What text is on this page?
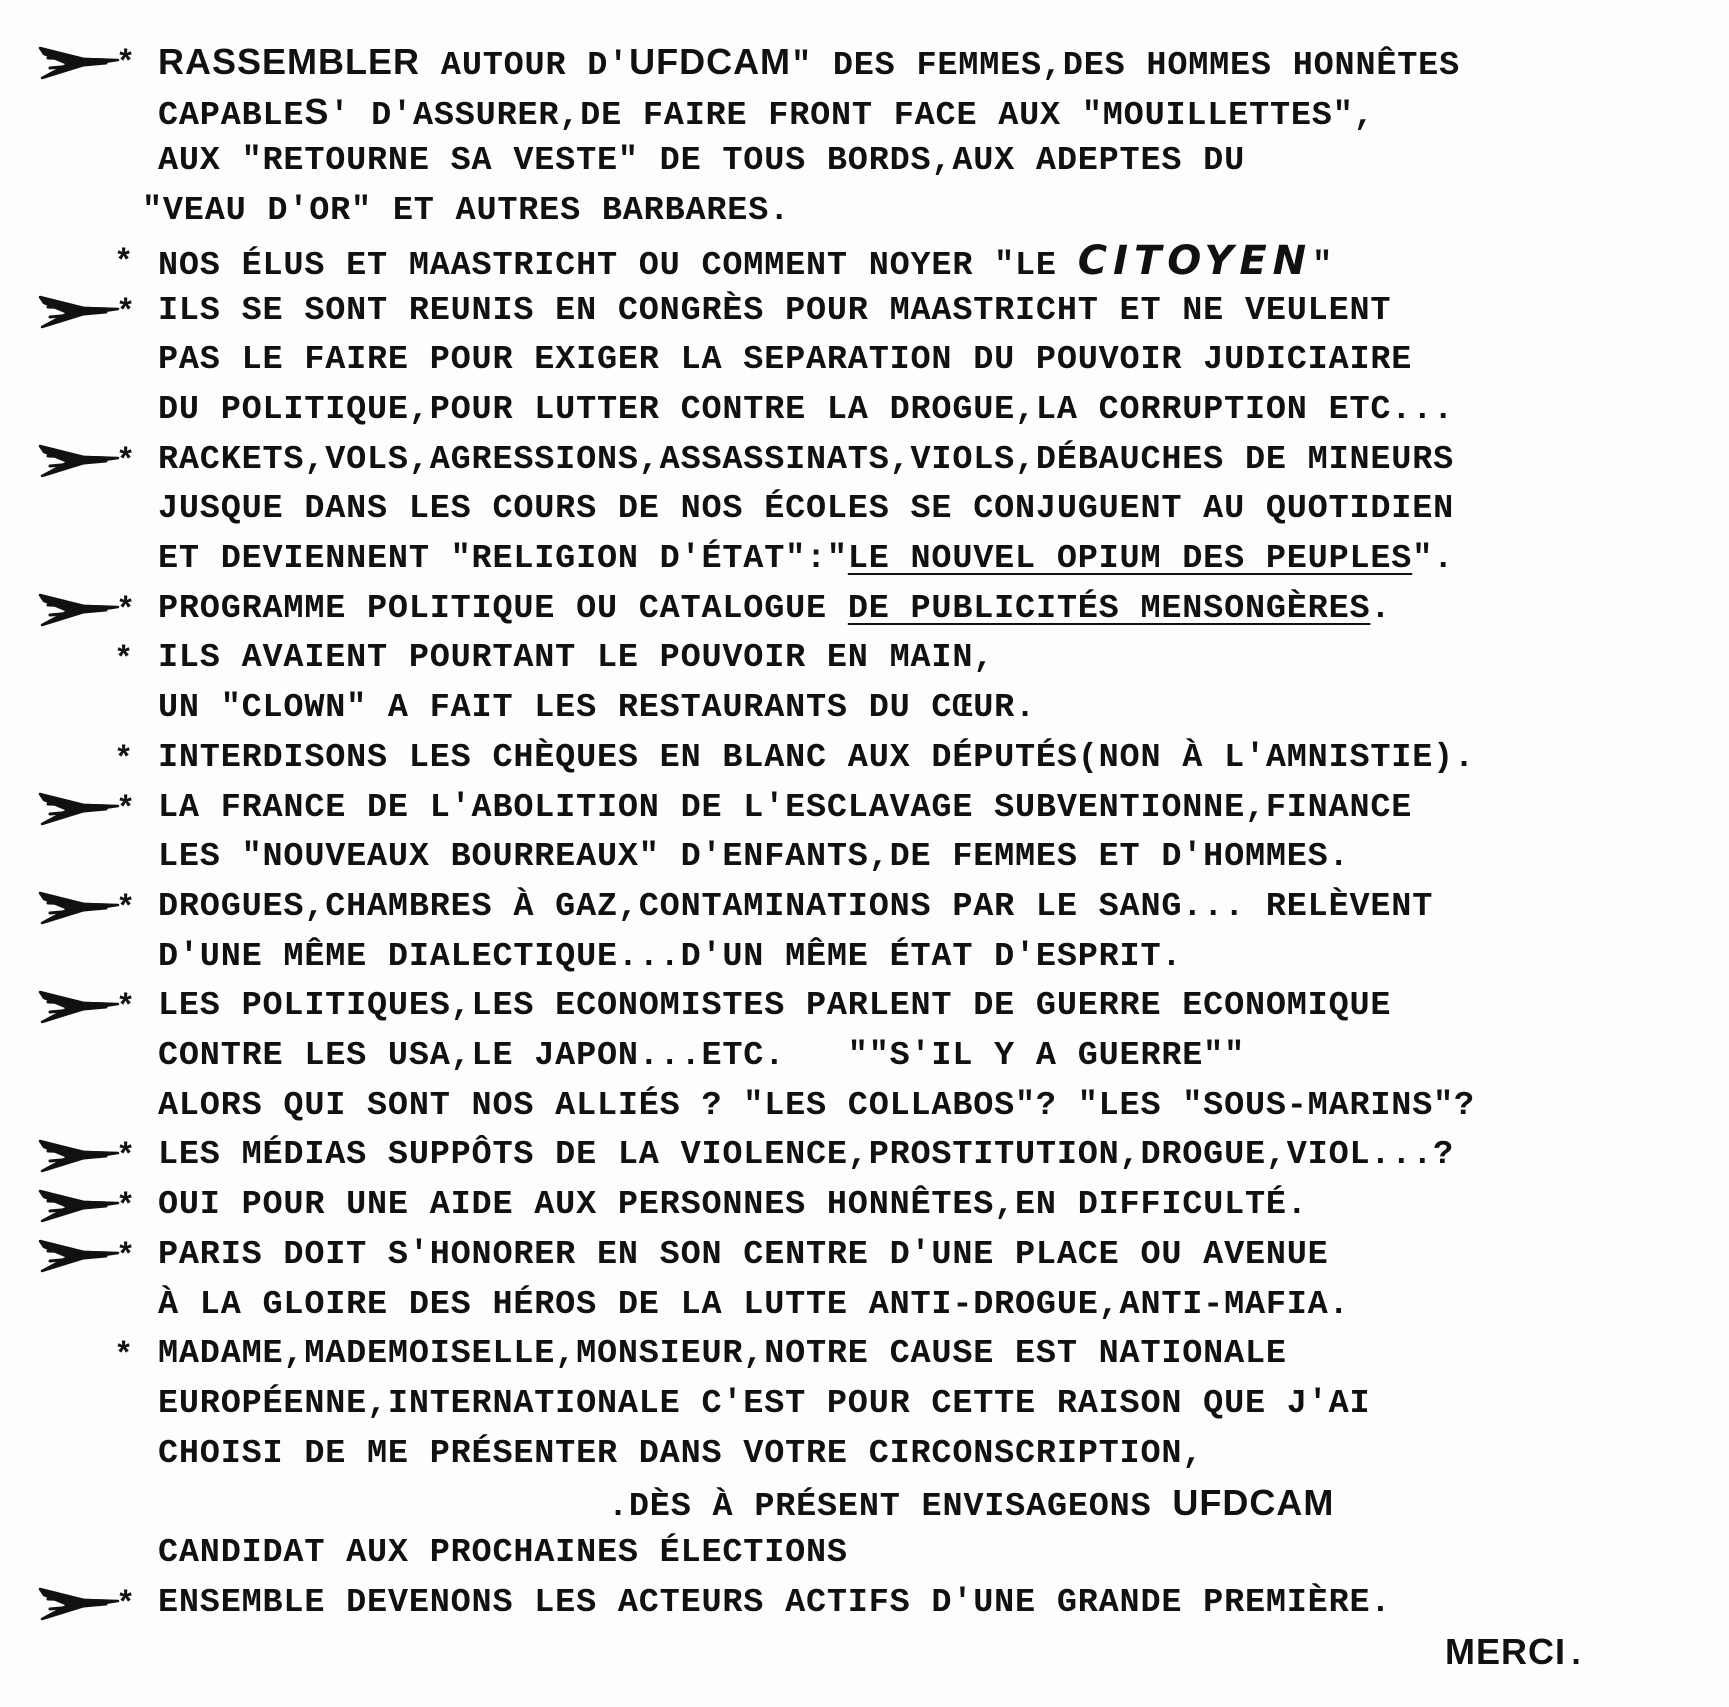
* RASSEMBLER AUTOUR D'UFDCAM" DES FEMMES,DES HOMMES HONNÊTES
CAPABLES' D'ASSURER,DE FAIRE FRONT FACE AUX "MOUILLETTES",
AUX "RETOURNE SA VESTE" DE TOUS BORDS,AUX ADEPTES DU
"VEAU D'OR" ET AUTRES BARBARES.
* NOS ÉLUS ET MAASTRICHT OU COMMENT NOYER "LE CITOYEN"
* ILS SE SONT REUNIS EN CONGRÈS POUR MAASTRICHT ET NE VEULENT
PAS LE FAIRE POUR EXIGER LA SEPARATION DU POUVOIR JUDICIAIRE
DU POLITIQUE,POUR LUTTER CONTRE LA DROGUE,LA CORRUPTION ETC...
* RACKETS,VOLS,AGRESSIONS,ASSASSINATS,VIOLS,DÉBAUCHES DE MINEURS
JUSQUE DANS LES COURS DE NOS ÉCOLES SE CONJUGUENT AU QUOTIDIEN
ET DEVIENNENT "RELIGION D'ÉTAT":"LE NOUVEL OPIUM DES PEUPLES".
* PROGRAMME POLITIQUE OU CATALOGUE DE PUBLICITÉS MENSONGÈRES.
* ILS AVAIENT POURTANT LE POUVOIR EN MAIN,
UN "CLOWN" A FAIT LES RESTAURANTS DU CŒUR.
* INTERDISONS LES CHÈQUES EN BLANC AUX DÉPUTÉS(NON À L'AMNISTIE).
* LA FRANCE DE L'ABOLITION DE L'ESCLAVAGE SUBVENTIONNE,FINANCE
LES "NOUVEAUX BOURREAUX" D'ENFANTS,DE FEMMES ET D'HOMMES.
* DROGUES,CHAMBRES À GAZ,CONTAMINATIONS PAR LE SANG... RELÈVENT
D'UNE MÊME DIALECTIQUE...D'UN MÊME ÉTAT D'ESPRIT.
* LES POLITIQUES,LES ECONOMISTES PARLENT DE GUERRE ECONOMIQUE
CONTRE LES USA,LE JAPON...ETC.   ""S'IL Y A GUERRE""
ALORS QUI SONT NOS ALLIÉS ? "LES COLLABOS"? "LES "SOUS-MARINS"?
* LES MÉDIAS SUPPÔTS DE LA VIOLENCE,PROSTITUTION,DROGUE,VIOL...?
* OUI POUR UNE AIDE AUX PERSONNES HONNÊTES,EN DIFFICULTÉ.
* PARIS DOIT S'HONORER EN SON CENTRE D'UNE PLACE OU AVENUE
À LA GLOIRE DES HÉROS DE LA LUTTE ANTI-DROGUE,ANTI-MAFIA.
* MADAME,MADEMOISELLE,MONSIEUR,NOTRE CAUSE EST NATIONALE
EUROPÉENNE,INTERNATIONALE C'EST POUR CETTE RAISON QUE J'AI
CHOISI DE ME PRÉSENTER DANS VOTRE CIRCONSCRIPTION,
.DÈS À PRÉSENT ENVISAGEONS UFDCAM
CANDIDAT AUX PROCHAINES ÉLECTIONS
* ENSEMBLE DEVENONS LES ACTEURS ACTIFS D'UNE GRANDE PREMIÈRE.
MERCI.
